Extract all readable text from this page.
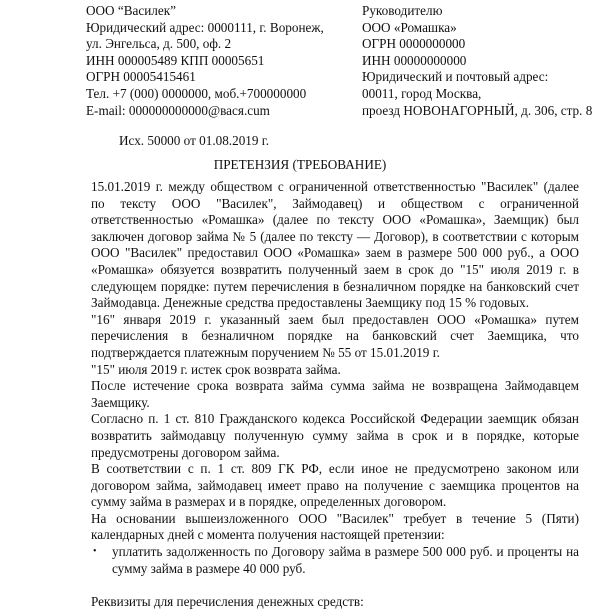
ООО “Василек”
Юридический адрес: 0000111, г. Воронеж,
ул. Энгельса, д. 500, оф. 2
ИНН 000005489 КПП 00005651
ОГРН 00005415461
Тел. +7 (000) 0000000, моб.+700000000
E-mail: 000000000000@вася.cum
Руководителю
ООО «Ромашка»
ОГРН 0000000000
ИНН 00000000000
Юридический и почтовый адрес:
00011, город Москва,
проезд НОВОНАГОРНЫЙ, д. 306, стр. 8
Исх. 50000 от 01.08.2019 г.
ПРЕТЕНЗИЯ (ТРЕБОВАНИЕ)

15.01.2019 г. между обществом с ограниченной ответственностью "Василек" (далее по тексту ООО "Василек", Займодавец) и обществом с ограниченной ответственностью «Ромашка» (далее по тексту ООО «Ромашка», Заемщик) был заключен договор займа № 5 (далее по тексту — Договор), в соответствии с которым ООО "Василек" предоставил ООО «Ромашка» заем в размере 500 000 руб., а ООО «Ромашка» обязуется возвратить полученный заем в срок до "15" июля 2019 г. в следующем порядке: путем перечисления в безналичном порядке на банковский счет Займодавца. Денежные средства предоставлены Заемщику под 15 % годовых.

"16" января 2019 г. указанный заем был предоставлен ООО «Ромашка» путем перечисления в безналичном порядке на банковский счет Заемщика, что подтверждается платежным поручением № 55 от 15.01.2019 г.

"15" июля 2019 г. истек срок возврата займа.

После истечение срока возврата займа сумма займа не возвращена Займодавцем Заемщику.

Согласно п. 1 ст. 810 Гражданского кодекса Российской Федерации заемщик обязан возвратить займодавцу полученную сумму займа в срок и в порядке, которые предусмотрены договором займа.

В соответствии с п. 1 ст. 809 ГК РФ, если иное не предусмотрено законом или договором займа, займодавец имеет право на получение с заемщика процентов на сумму займа в размерах и в порядке, определенных договором.

На основании вышеизложенного ООО "Василек" требует в течение 5 (Пяти) календарных дней с момента получения настоящей претензии:

• уплатить задолженность по Договору займа в размере 500 000 руб. и проценты на сумму займа в размере 40 000 руб.

Реквизиты для перечисления денежных средств:
